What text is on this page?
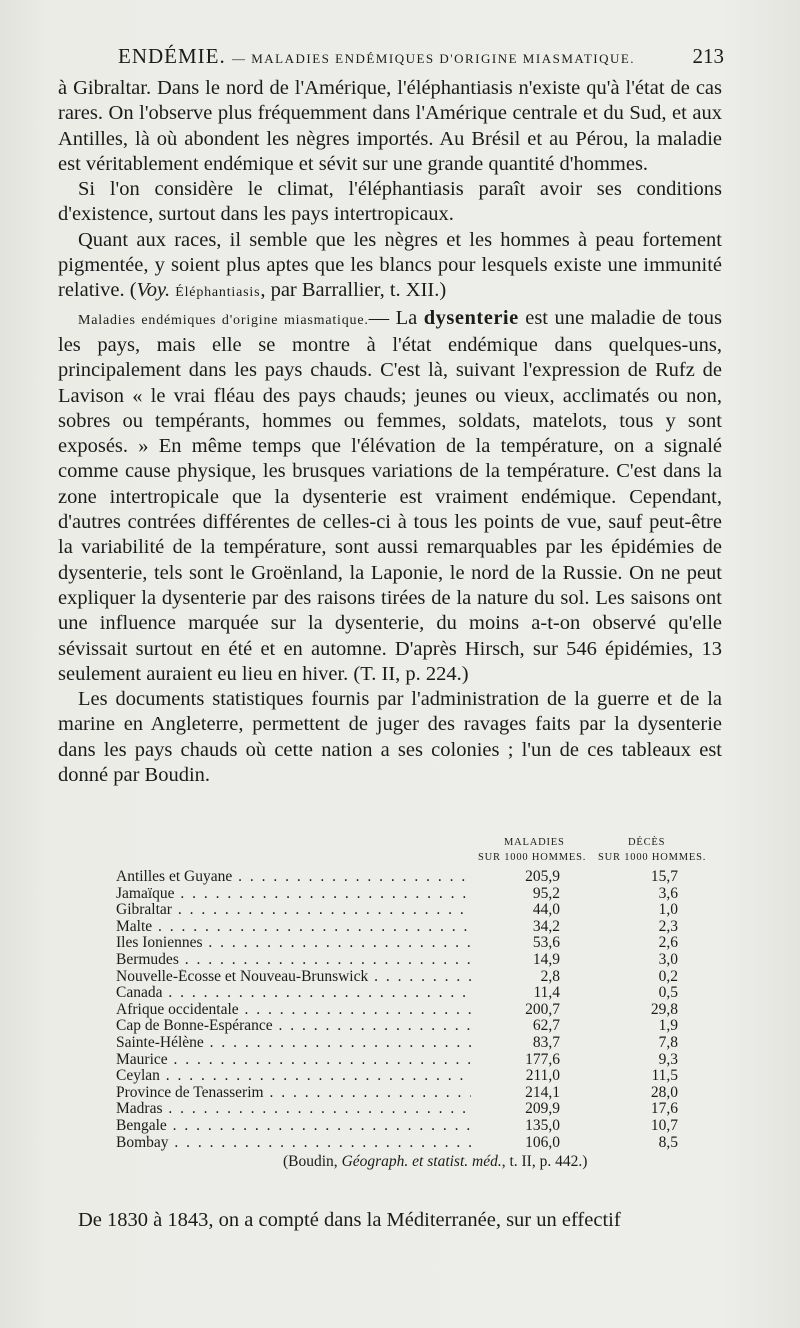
ENDÉMIE. — MALADIES ENDÉMIQUES D'ORIGINE MIASMATIQUE.	213

à Gibraltar. Dans le nord de l'Amérique, l'éléphantiasis n'existe qu'à l'état de cas rares. On l'observe plus fréquemment dans l'Amérique centrale et du Sud, et aux Antilles, là où abondent les nègres importés. Au Brésil et au Pérou, la maladie est véritablement endémique et sévit sur une grande quantité d'hommes.

Si l'on considère le climat, l'éléphantiasis paraît avoir ses conditions d'existence, surtout dans les pays intertropicaux.

Quant aux races, il semble que les nègres et les hommes à peau fortement pigmentée, y soient plus aptes que les blancs pour lesquels existe une immunité relative. (Voy. Éléphantiasis, par Barrallier, t. XII.)

Maladies endémiques d'origine miasmatique.— La dysenterie est une maladie de tous les pays, mais elle se montre à l'état endémique dans quelques-uns, principalement dans les pays chauds. C'est là, suivant l'expression de Rufz de Lavison « le vrai fléau des pays chauds; jeunes ou vieux, acclimatés ou non, sobres ou tempérants, hommes ou femmes, soldats, matelots, tous y sont exposés. » En même temps que l'élévation de la température, on a signalé comme cause physique, les brusques variations de la température. C'est dans la zone intertropicale que la dysenterie est vraiment endémique. Cependant, d'autres contrées différentes de celles-ci à tous les points de vue, sauf peut-être la variabilité de la température, sont aussi remarquables par les épidémies de dysenterie, tels sont le Groënland, la Laponie, le nord de la Russie. On ne peut expliquer la dysenterie par des raisons tirées de la nature du sol. Les saisons ont une influence marquée sur la dysenterie, du moins a-t-on observé qu'elle sévissait surtout en été et en automne. D'après Hirsch, sur 546 épidémies, 13 seulement auraient eu lieu en hiver. (T. II, p. 224.)

Les documents statistiques fournis par l'administration de la guerre et de la marine en Angleterre, permettent de juger des ravages faits par la dysenterie dans les pays chauds où cette nation a ses colonies ; l'un de ces tableaux est donné par Boudin.

MALADIES
SUR 1000 HOMMES.
DÉCÈS
SUR 1000 HOMMES.
Antilles et Guyane . . .	205,9	15,7
Jamaïque . . .	95,2	3,6
Gibraltar . . .	44,0	1,0
Malte . . .	34,2	2,3
Iles Ioniennes . . .	53,6	2,6
Bermudes . . .	14,9	3,0
Nouvelle-Écosse et Nouveau-Brunswick . . .	2,8	0,2
Canada . . .	11,4	0,5
Afrique occidentale . . .	200,7	29,8
Cap de Bonne-Espérance . . .	62,7	1,9
Sainte-Hélène . . .	83,7	7,8
Maurice . . .	177,6	9,3
Ceylan . . .	211,0	11,5
Province de Tenasserim . . .	214,1	28,0
Madras . . .	209,9	17,6
Bengale . . .	135,0	10,7
Bombay . . .	106,0	8,5
(Boudin, Géograph. et statist. méd., t. II, p. 442.)
De 1830 à 1843, on a compté dans la Méditerranée, sur un effectif
